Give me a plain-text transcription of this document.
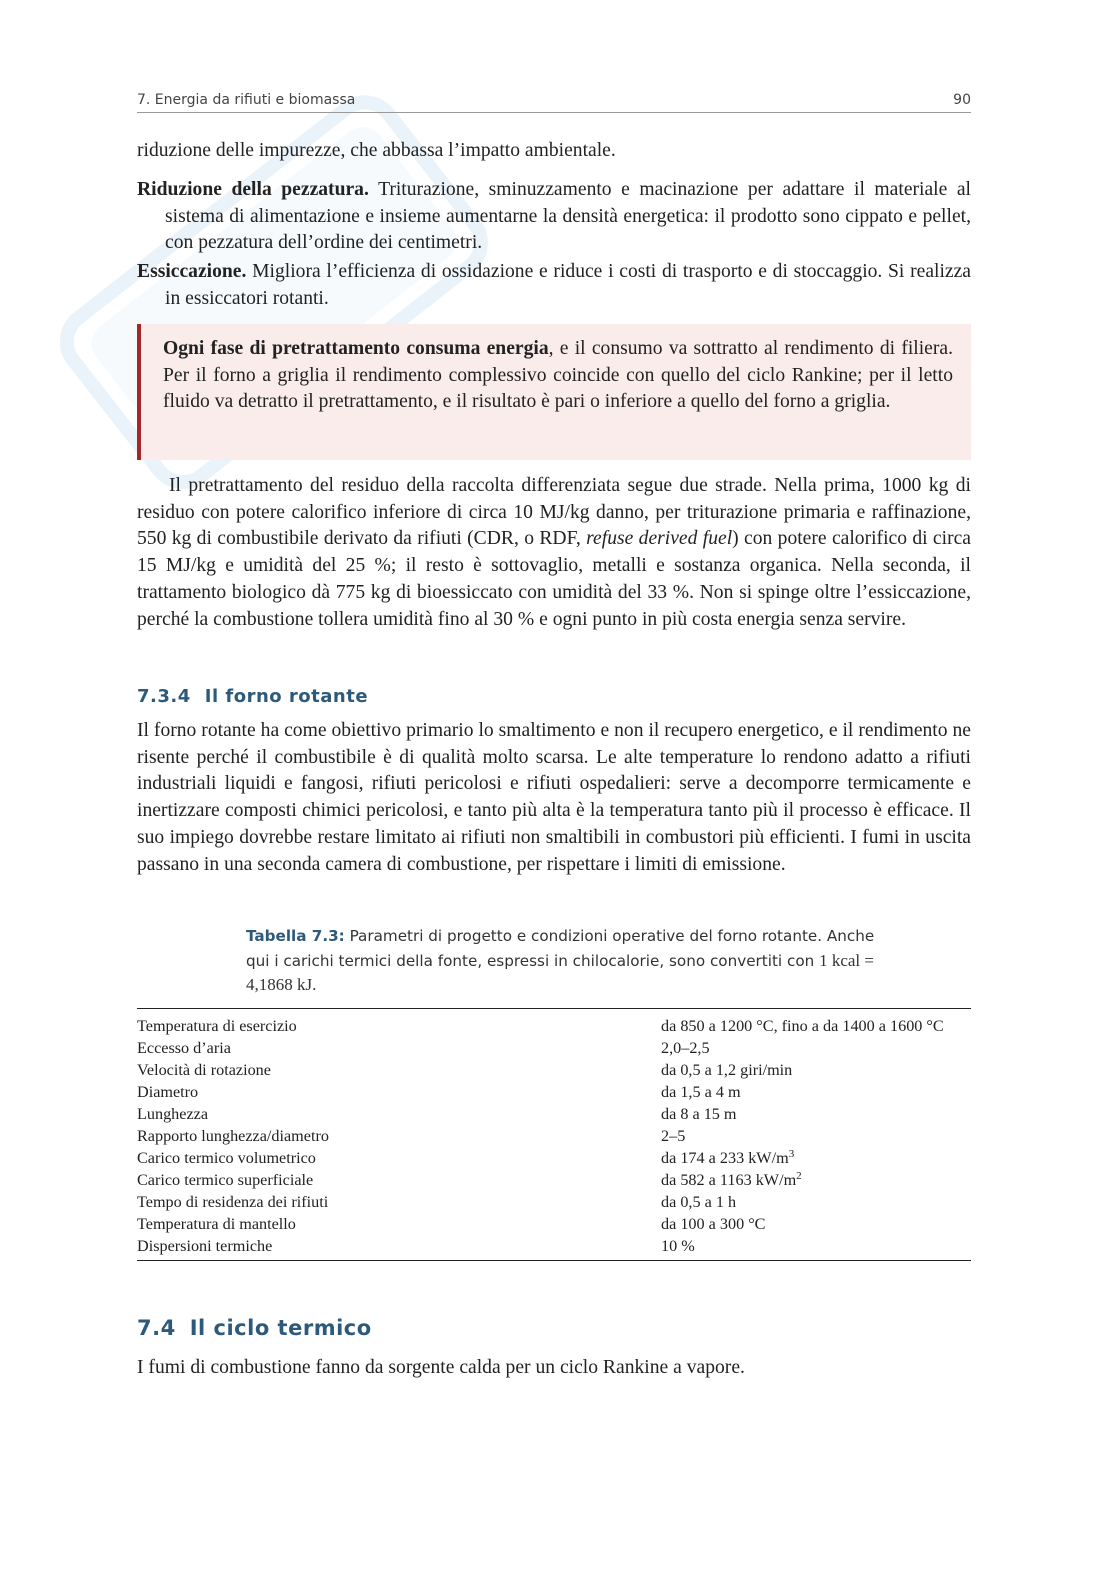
7. Energia da rifiuti e biomassa	90
riduzione delle impurezze, che abbassa l’impatto ambientale.
Riduzione della pezzatura. Triturazione, sminuzzamento e macinazione per adattare il materiale al sistema di alimentazione e insieme aumentarne la densità energetica: il prodotto sono cippato e pellet, con pezzatura dell’ordine dei centimetri.
Essiccazione. Migliora l’efficienza di ossidazione e riduce i costi di trasporto e di stoccaggio. Si realizza in essiccatori rotanti.
Ogni fase di pretrattamento consuma energia, e il consumo va sottratto al rendimento di filiera. Per il forno a griglia il rendimento complessivo coincide con quello del ciclo Rankine; per il letto fluido va detratto il pretrattamento, e il risultato è pari o inferiore a quello del forno a griglia.
Il pretrattamento del residuo della raccolta differenziata segue due strade. Nella prima, 1000 kg di residuo con potere calorifico inferiore di circa 10 MJ/kg danno, per triturazione primaria e raffinazione, 550 kg di combustibile derivato da rifiuti (CDR, o RDF, refuse derived fuel) con potere calorifico di circa 15 MJ/kg e umidità del 25 %; il resto è sottovaglio, metalli e sostanza organica. Nella seconda, il trattamento biologico dà 775 kg di bioessiccato con umidità del 33 %. Non si spinge oltre l’essiccazione, perché la combustione tollera umidità fino al 30 % e ogni punto in più costa energia senza servire.
7.3.4 Il forno rotante
Il forno rotante ha come obiettivo primario lo smaltimento e non il recupero energetico, e il rendimento ne risente perché il combustibile è di qualità molto scarsa. Le alte temperature lo rendono adatto a rifiuti industriali liquidi e fangosi, rifiuti pericolosi e rifiuti ospedalieri: serve a decomporre termicamente e inertizzare composti chimici pericolosi, e tanto più alta è la temperatura tanto più il processo è efficace. Il suo impiego dovrebbe restare limitato ai rifiuti non smaltibili in combustori più efficienti. I fumi in uscita passano in una seconda camera di combustione, per rispettare i limiti di emissione.
Tabella 7.3: Parametri di progetto e condizioni operative del forno rotante. Anche qui i carichi termici della fonte, espressi in chilocalorie, sono convertiti con 1 kcal = 4,1868 kJ.
Temperatura di esercizio	da 850 a 1200 °C, fino a da 1400 a 1600 °C
Eccesso d’aria	2,0–2,5
Velocità di rotazione	da 0,5 a 1,2 giri/min
Diametro	da 1,5 a 4 m
Lunghezza	da 8 a 15 m
Rapporto lunghezza/diametro	2–5
Carico termico volumetrico	da 174 a 233 $kW/m^3$
Carico termico superficiale	da 582 a 1163 $kW/m^2$
Tempo di residenza dei rifiuti	da 0,5 a 1 h
Temperatura di mantello	da 100 a 300 °C
Dispersioni termiche	10 %
7.4 Il ciclo termico
I fumi di combustione fanno da sorgente calda per un ciclo Rankine a vapore.
